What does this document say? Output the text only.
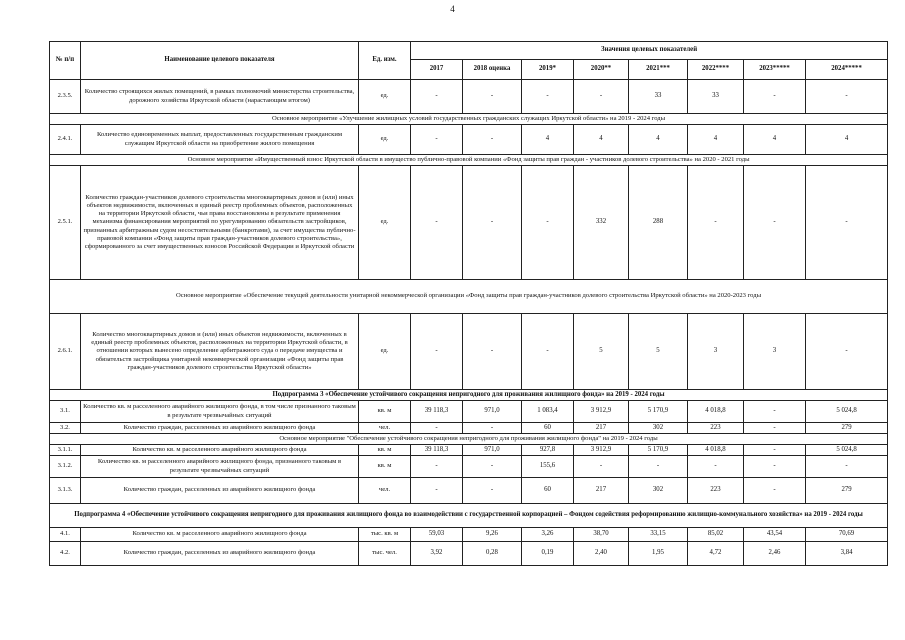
4
№ п/п	Наименование целевого показателя	Ед. изм.	Значения целевых показателей							
			2017	2018 оценка	2019*	2020**	2021***	2022****	2023*****	2024*****
2.3.5.	Количество строящихся жилых помещений, в рамках полномочий министерства строительства, дорожного хозяйства Иркутской области (нарастающим итогом)	ед.	-	-	-	-	33	33	-	-
Основное мероприятие «Улучшение жилищных условий государственных гражданских служащих Иркутской области» на 2019 - 2024 годы										
2.4.1.	Количество единовременных выплат, предоставленных государственным гражданским служащим Иркутской области на приобретение жилого помещения	ед.	-	-	4	4	4	4	4	4
Основное мероприятие «Имущественный взнос Иркутской области в имущество публично-правовой компании «Фонд защиты прав граждан - участников долевого строительства» на 2020 - 2021 годы										
2.5.1.	Количество граждан-участников долевого строительства многоквартирных домов и (или) иных объектов недвижимости, включенных в единый реестр проблемных объектов, расположенных на территории Иркутской области, чьи права восстановлены в результате применения механизма финансирования мероприятий по урегулированию обязательств застройщиков, признанных арбитражным судом несостоятельными (банкротами), за счет имущества публично-правовой компании «Фонд защиты прав граждан-участников долевого строительства», сформированного за счет имущественных взносов Российской Федерации и Иркутской области	ед.	-	-	-	332	288	-	-	-
Основное мероприятие «Обеспечение текущей деятельности унитарной некоммерческой организации «Фонд защиты прав граждан-участников долевого строительства Иркутской области» на 2020-2023 годы										
2.6.1.	Количество многоквартирных домов и (или) иных объектов недвижимости, включенных в единый реестр проблемных объектов, расположенных на территории Иркутской области, в отношении которых вынесено определение арбитражного суда о передаче имущества и обязательств застройщика унитарной некоммерческой организации «Фонд защиты прав граждан-участников долевого строительства Иркутской области»	ед.	-	-	-	5	5	3	3	-
Подпрограмма 3 «Обеспечение устойчивого сокращения непригодного для проживания жилищного фонда» на 2019 - 2024 годы										
3.1.	Количество кв. м расселенного аварийного жилищного фонда, в том числе признанного таковым в результате чрезвычайных ситуаций	кв. м	39 118,3	971,0	1 083,4	3 912,9	5 170,9	4 018,8	-	5 024,8
3.2.	Количество граждан, расселенных из аварийного жилищного фонда	чел.	-	-	60	217	302	223	-	279
Основное мероприятие "Обеспечение устойчивого сокращения непригодного для проживания жилищного фонда" на 2019 - 2024 годы										
3.1.1.	Количество кв. м расселенного аварийного жилищного фонда	кв. м	39 118,3	971,0	927,8	3 912,9	5 170,9	4 018,8	-	5 024,8
3.1.2.	Количество кв. м расселенного аварийного жилищного фонда, признанного таковым в результате чрезвычайных ситуаций	кв. м	-	-	155,6	-	-	-	-	-
3.1.3.	Количество граждан, расселенных из аварийного жилищного фонда	чел.	-	-	60	217	302	223	-	279
Подпрограмма 4 «Обеспечение устойчивого сокращения непригодного для проживания жилищного фонда во взаимодействии с государственной корпорацией – Фондом содействия реформированию жилищно-коммунального хозяйства» на 2019 - 2024 годы										
4.1.	Количество кв. м расселенного аварийного жилищного фонда	тыс. кв. м	59,03	9,26	3,26	38,70	33,15	85,02	43,54	70,69
4.2.	Количество граждан, расселенных из аварийного жилищного фонда	тыс. чел.	3,92	0,28	0,19	2,40	1,95	4,72	2,46	3,84
